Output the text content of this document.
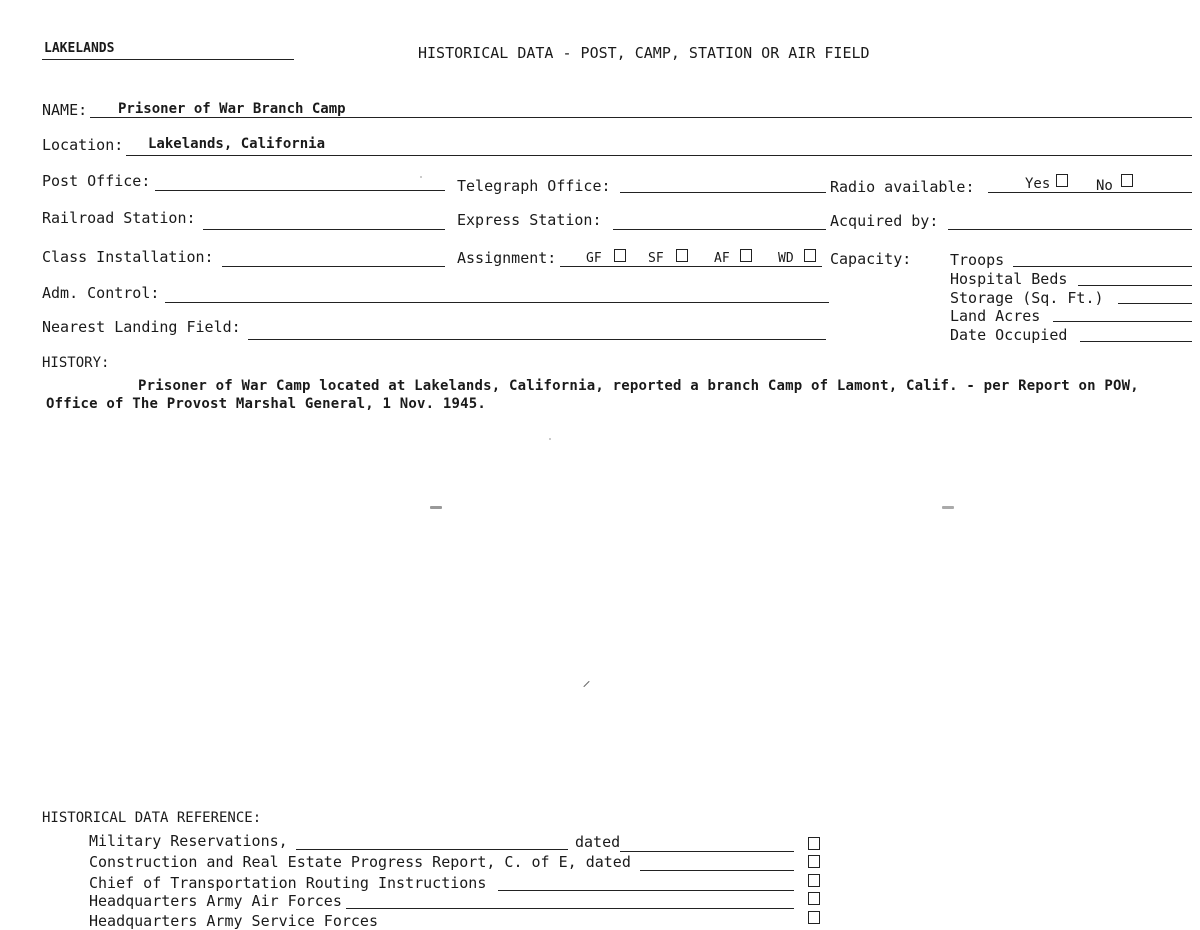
LAKELANDS	HISTORICAL DATA - POST, CAMP, STATION OR AIR FIELD
NAME: Prisoner of War Branch Camp
Location: Lakelands, California
Post Office:	Telegraph Office:	Radio available:	Yes	No
Railroad Station:	Express Station:	Acquired by:
Class Installation:	Assignment: GF	SF	AF	WD Capacity:	Troops
Hospital Beds
Storage (Sq. Ft.)
Land Acres
Date Occupied
Adm. Control:
Nearest Landing Field:
HISTORY:
Prisoner of War Camp located at Lakelands, California, reported a branch Camp of Lamont, Calif. - per Report on POW,
Office of The Provost Marshal General, 1 Nov. 1945.
HISTORICAL DATA REFERENCE:
Military Reservations,	dated
Construction and Real Estate Progress Report, C. of E, dated
Chief of Transportation Routing Instructions
Headquarters Army Air Forces
Headquarters Army Service Forces
